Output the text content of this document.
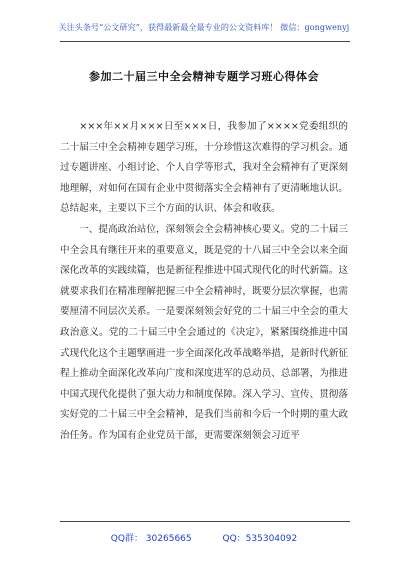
关注头条号“公文研究”，获得最新最全最专业的公文资料库！ 微信：gongwenyj
参加二十届三中全会精神专题学习班心得体会

×××年××月×××日至×××日，我参加了××××党委组织的二十届三中全会精神专题学习班，十分珍惜这次难得的学习机会。通过专题讲座、小组讨论、个人自学等形式，我对全会精神有了更深刻地理解，对如何在国有企业中贯彻落实全会精神有了更清晰地认识。总结起来，主要以下三个方面的认识、体会和收获。

一、提高政治站位，深刻领会全会精神核心要义。党的二十届三中全会具有继往开来的重要意义，既是党的十八届三中全会以来全面深化改革的实践续篇，也是新征程推进中国式现代化的时代新篇。这就要求我们在精准理解把握三中全会精神时，既要分层次掌握，也需要厘清不同层次关系。一是要深刻领会好党的二十届三中全会的重大政治意义。党的二十届三中全会通过的《决定》，紧紧围绕推进中国式现代化这个主题擘画进一步全面深化改革战略举措，是新时代新征程上推动全面深化改革向广度和深度进军的总动员、总部署，为推进中国式现代化提供了强大动力和制度保障。深入学习、宣传、贯彻落实好党的二十届三中全会精神，是我们当前和今后一个时期的重大政治任务。作为国有企业党员干部，更需要深刻领会习近平

QQ群： 30265665	QQ：535304092
